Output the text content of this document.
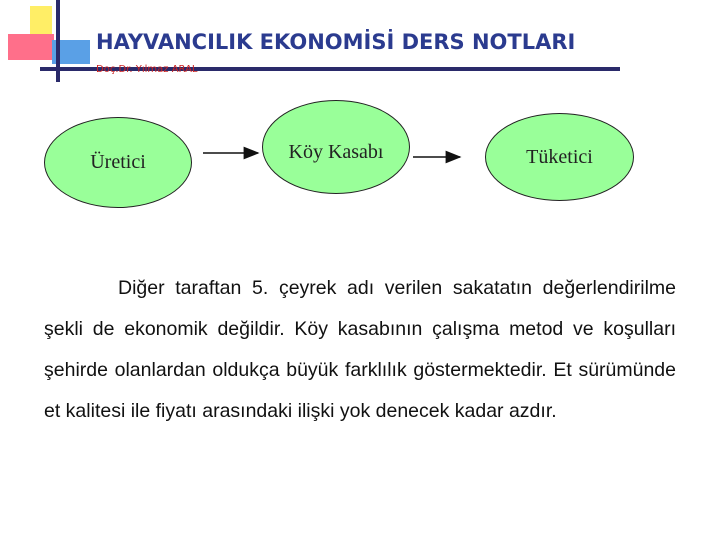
HAYVANCILIK EKONOMİSİ DERS NOTLARI
Doç.Dr. Yılmaz ARAL
Üretici	Köy Kasabı	Tüketici
Diğer taraftan 5. çeyrek adı verilen sakatatın değerlendirilme şekli de ekonomik değildir. Köy kasabının çalışma metod ve koşulları şehirde olanlardan oldukça büyük farklılık göstermektedir. Et sürümünde et kalitesi ile fiyatı arasındaki ilişki yok denecek kadar azdır.
